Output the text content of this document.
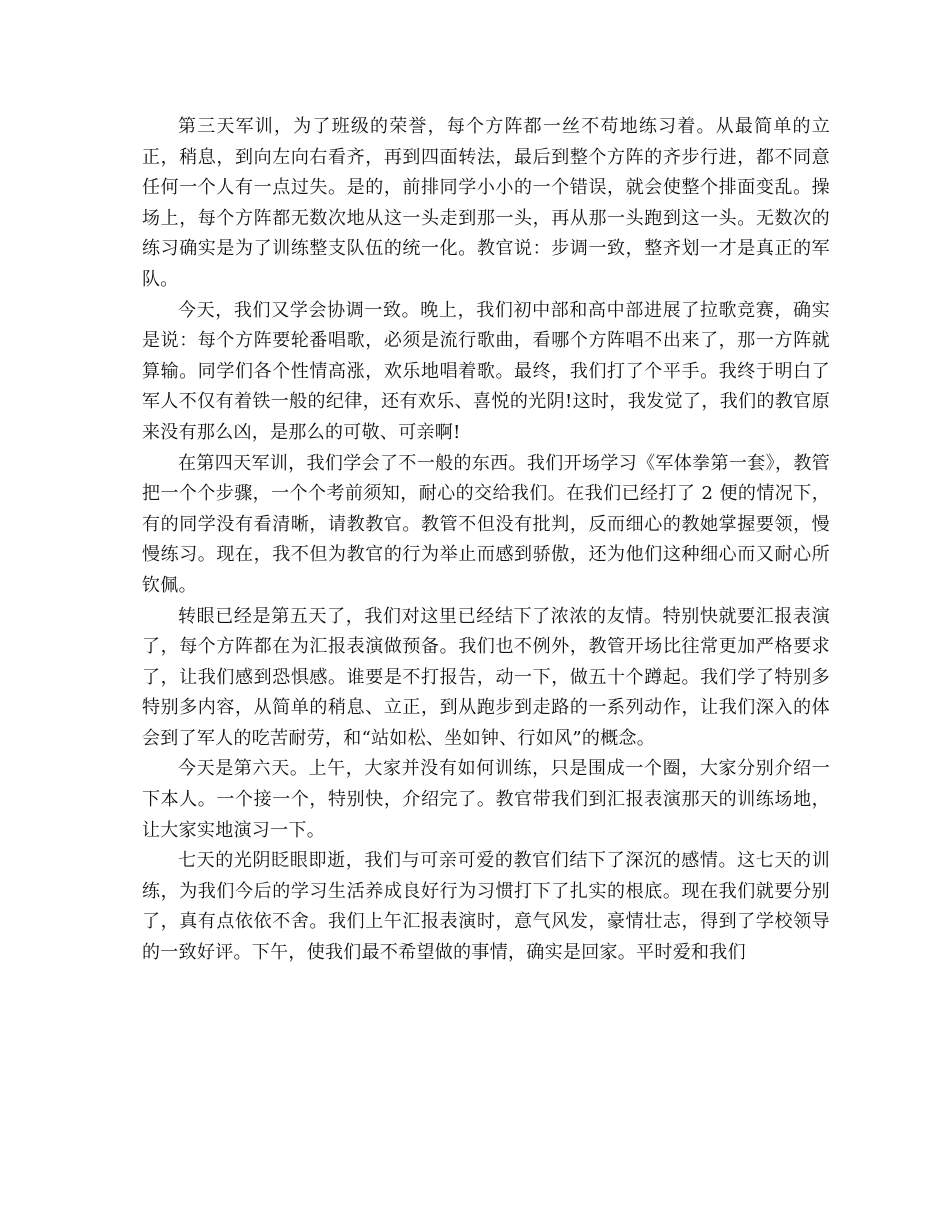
第三天军训，为了班级的荣誉，每个方阵都一丝不苟地练习着。从最简单的立正，稍息，到向左向右看齐，再到四面转法，最后到整个方阵的齐步行进，都不同意任何一个人有一点过失。是的，前排同学小小的一个错误，就会使整个排面变乱。操场上，每个方阵都无数次地从这一头走到那一头，再从那一头跑到这一头。无数次的练习确实是为了训练整支队伍的统一化。教官说：步调一致，整齐划一才是真正的军队。

今天，我们又学会协调一致。晚上，我们初中部和高中部进展了拉歌竞赛，确实是说：每个方阵要轮番唱歌，必须是流行歌曲，看哪个方阵唱不出来了，那一方阵就算输。同学们各个性情高涨，欢乐地唱着歌。最终，我们打了个平手。我终于明白了军人不仅有着铁一般的纪律，还有欢乐、喜悦的光阴!这时，我发觉了，我们的教官原来没有那么凶，是那么的可敬、可亲啊!

在第四天军训，我们学会了不一般的东西。我们开场学习《军体拳第一套》，教管把一个个步骤，一个个考前须知，耐心的交给我们。在我们已经打了 2 便的情况下，有的同学没有看清晰，请教教官。教管不但没有批判，反而细心的教她掌握要领，慢慢练习。现在，我不但为教官的行为举止而感到骄傲，还为他们这种细心而又耐心所钦佩。

转眼已经是第五天了，我们对这里已经结下了浓浓的友情。特别快就要汇报表演了，每个方阵都在为汇报表演做预备。我们也不例外，教管开场比往常更加严格要求了，让我们感到恐惧感。谁要是不打报告，动一下，做五十个蹲起。我们学了特别多特别多内容，从简单的稍息、立正，到从跑步到走路的一系列动作，让我们深入的体会到了军人的吃苦耐劳，和“站如松、坐如钟、行如风”的概念。

今天是第六天。上午，大家并没有如何训练，只是围成一个圈，大家分别介绍一下本人。一个接一个，特别快，介绍完了。教官带我们到汇报表演那天的训练场地，让大家实地演习一下。

七天的光阴眨眼即逝，我们与可亲可爱的教官们结下了深沉的感情。这七天的训练，为我们今后的学习生活养成良好行为习惯打下了扎实的根底。现在我们就要分别了，真有点依依不舍。我们上午汇报表演时，意气风发，豪情壮志，得到了学校领导的一致好评。下午，使我们最不希望做的事情，确实是回家。平时爱和我们
